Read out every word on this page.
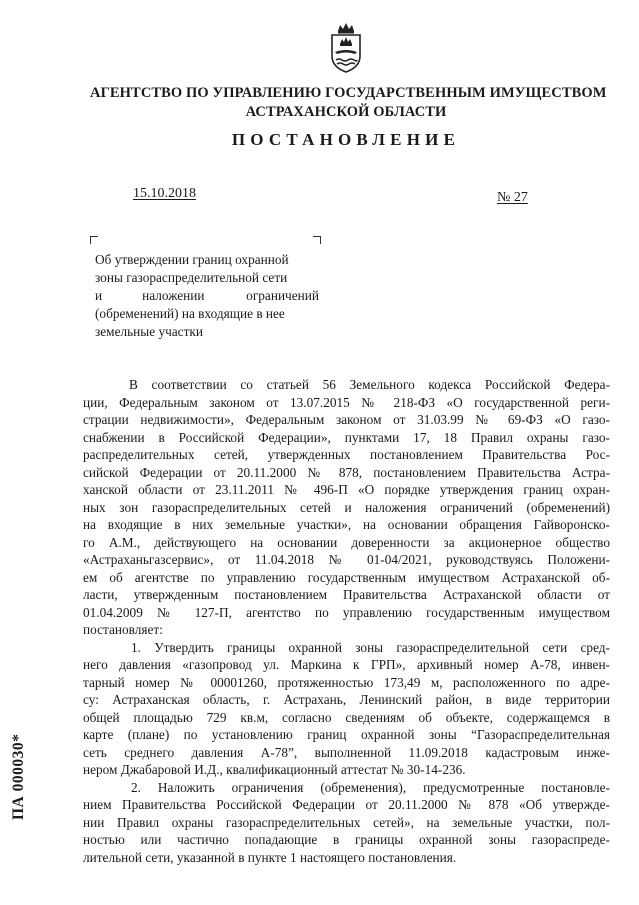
АГЕНТСТВО ПО УПРАВЛЕНИЮ ГОСУДАРСТВЕННЫМ ИМУЩЕСТВОМ
АСТРАХАНСКОЙ ОБЛАСТИ
ПОСТАНОВЛЕНИЕ
15.10.2018	№ 27
Об утверждении границ охранной
зоны газораспределительной сети
и	наложении	ограничений
(обременений) на входящие в нее
земельные участки
В соответствии со статьей 56 Земельного кодекса Российской Федера-
ции, Федеральным законом от 13.07.2015 № 218-ФЗ «О государственной реги-
страции недвижимости», Федеральным законом от 31.03.99 № 69-ФЗ «О газо-
снабжении в Российской Федерации», пунктами 17, 18 Правил охраны газо-
распределительных сетей, утвержденных постановлением Правительства Рос-
сийской Федерации от 20.11.2000 № 878, постановлением Правительства Астра-
ханской области от 23.11.2011 № 496-П «О порядке утверждения границ охран-
ных зон газораспределительных сетей и наложения ограничений (обременений)
на входящие в них земельные участки», на основании обращения Гайворонско-
го А.М., действующего на основании доверенности за акционерное общество
«Астраханьгазсервис», от 11.04.2018 № 01-04/2021, руководствуясь Положени-
ем об агентстве по управлению государственным имуществом Астраханской об-
ласти, утвержденным постановлением Правительства Астраханской области от
01.04.2009 № 127-П, агентство по управлению государственным имуществом
постановляет:
1. Утвердить границы охранной зоны газораспределительной сети сред-
него давления «газопровод ул. Маркина к ГРП», архивный номер А-78, инвен-
тарный номер № 00001260, протяженностью 173,49 м, расположенного по адре-
су: Астраханская область, г. Астрахань, Ленинский район, в виде территории
общей площадью 729 кв.м, согласно сведениям об объекте, содержащемся в
карте (плане) по установлению границ охранной зоны “Газораспределительная
сеть среднего давления А-78”, выполненной 11.09.2018 кадастровым инже-
нером Джабаровой И.Д., квалификационный аттестат № 30-14-236.
2. Наложить ограничения (обременения), предусмотренные постановле-
нием Правительства Российской Федерации от 20.11.2000 № 878 «Об утвержде-
нии Правил охраны газораспределительных сетей», на земельные участки, пол-
ностью или частично попадающие в границы охранной зоны газораспреде-
лительной сети, указанной в пункте 1 настоящего постановления.
ПА 000030*
